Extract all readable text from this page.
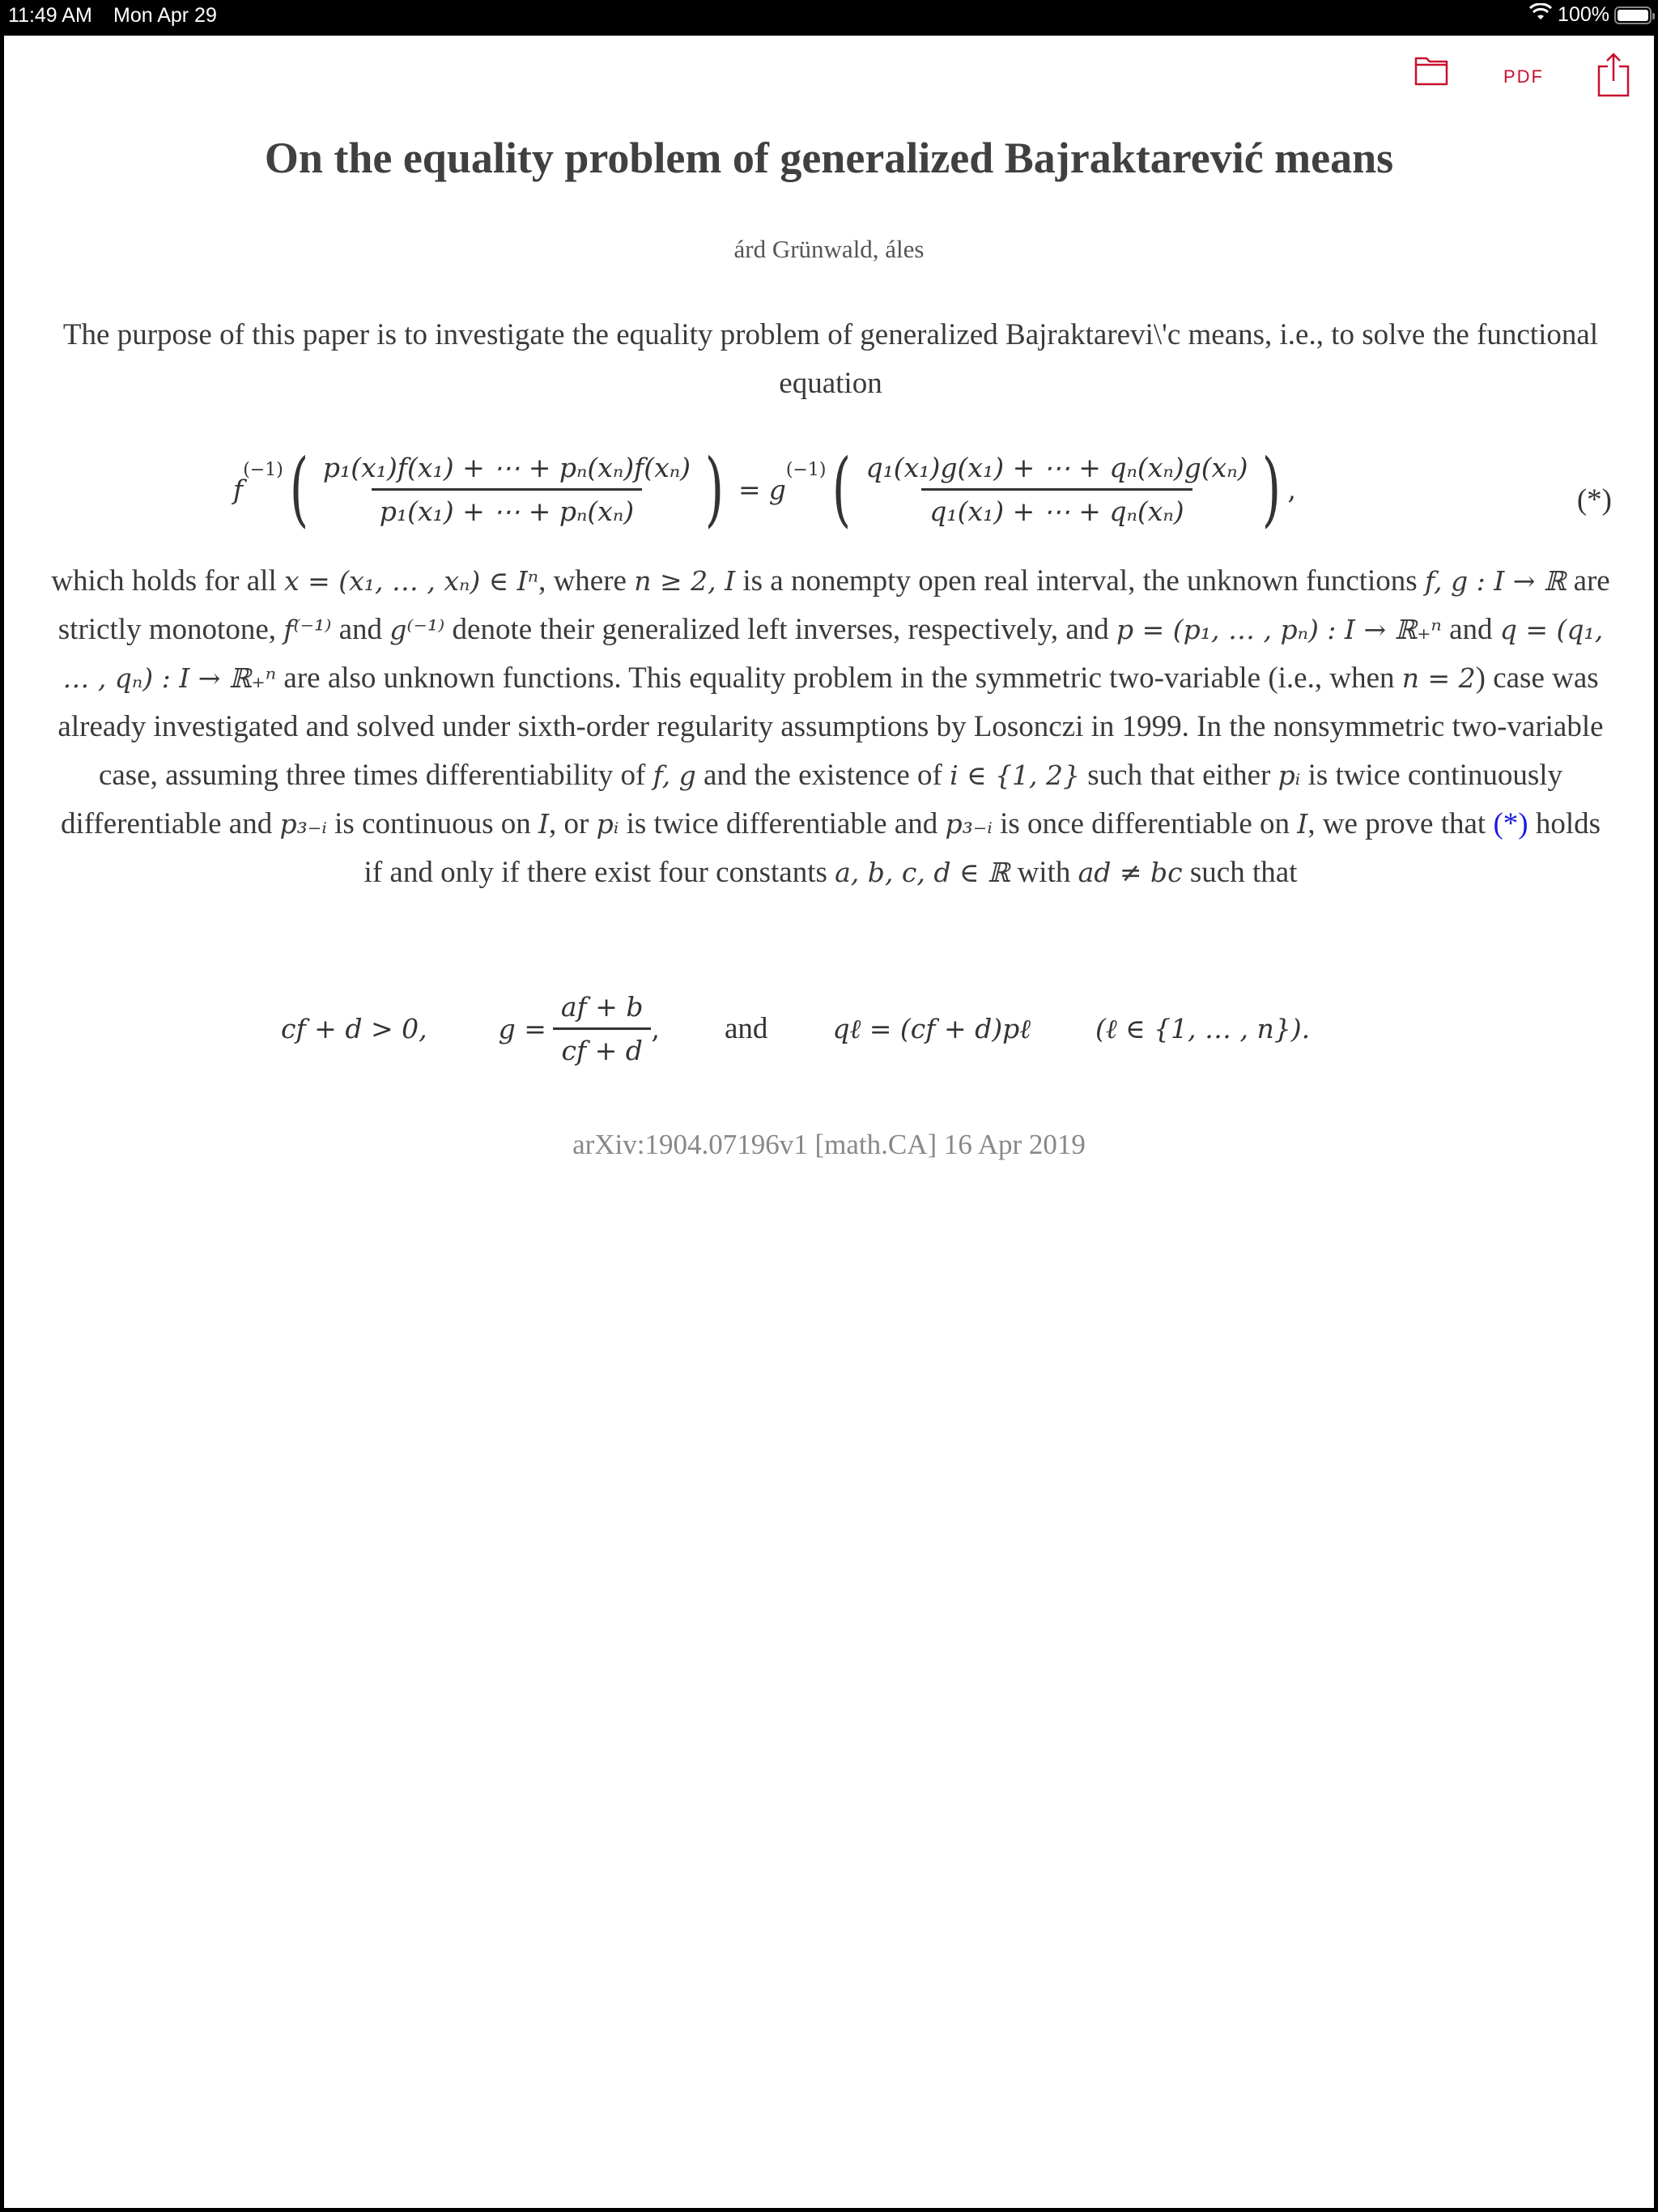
11:49 AM Mon Apr 29	100%
PDF
On the equality problem of generalized Bajraktarević means
árd Grünwald, áles
The purpose of this paper is to investigate the equality problem of generalized Bajraktarevi\'c means, i.e., to solve the functional equation
f
$^{(-1)}$ ( $\frac{\text{p₁(x₁)f(x₁) + ⋯ + pₙ(xₙ)f(xₙ)}}{\text{p₁(x₁) + ⋯ + pₙ(xₙ)}}$ ) = g
$^{(-1)}$ ( $\frac{\text{q₁(x₁)g(x₁) + ⋯ + qₙ(xₙ)g(xₙ)}}{\text{q₁(x₁) + ⋯ + qₙ(xₙ)}}$ ) ,	(*)
which holds for all x = (x₁, … , xₙ) ∈ Iⁿ, where n ≥ 2, I is a nonempty open real interval, the unknown functions f, g : I → ℝ are strictly monotone, f⁽⁻¹⁾ and g⁽⁻¹⁾ denote their generalized left inverses, respectively, and p = (p₁, … , pₙ) : I → ℝ₊ⁿ and q = (q₁, … , qₙ) : I → ℝ₊ⁿ are also unknown functions. This equality problem in the symmetric two-variable (i.e., when n = 2) case was already investigated and solved under sixth-order regularity assumptions by Losonczi in 1999. In the nonsymmetric two-variable case, assuming three times differentiability of f, g and the existence of i ∈ {1, 2} such that either pᵢ is twice continuously differentiable and p₃₋ᵢ is continuous on I, or pᵢ is twice differentiable and p₃₋ᵢ is once differentiable on I, we prove that (*) holds if and only if there exist four constants a, b, c, d ∈ ℝ with ad ≠ bc such that
cf + d > 0,	$g = \frac{af + b}{cf + d}$ , and qℓ = (cf + d)pℓ (ℓ ∈ {1, … , n}).
arXiv:1904.07196v1 [math.CA] 16 Apr 2019
